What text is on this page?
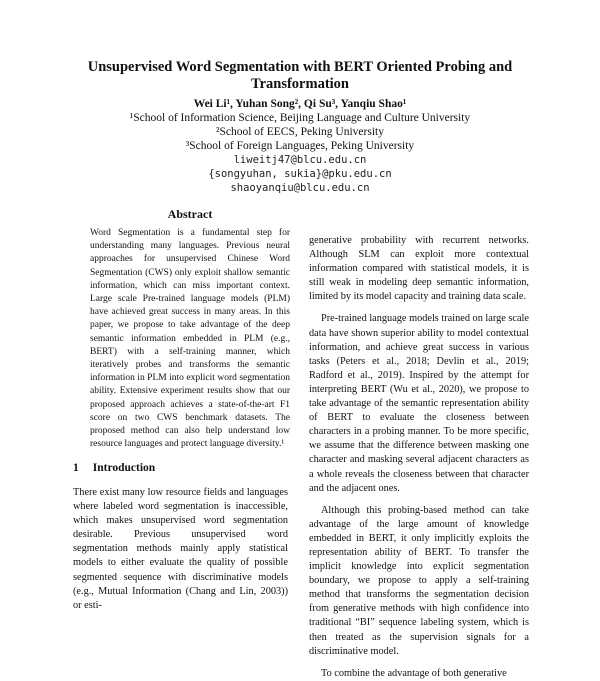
Unsupervised Word Segmentation with BERT Oriented Probing and Transformation
Wei Li¹, Yuhan Song², Qi Su³, Yanqiu Shao¹
¹School of Information Science, Beijing Language and Culture University
²School of EECS, Peking University
³School of Foreign Languages, Peking University
liweitj47@blcu.edu.cn
{songyuhan, sukia}@pku.edu.cn
shaoyanqiu@blcu.edu.cn
Abstract

Word Segmentation is a fundamental step for understanding many languages. Previous neural approaches for unsupervised Chinese Word Segmentation (CWS) only exploit shallow semantic information, which can miss important context. Large scale Pre-trained language models (PLM) have achieved great success in many areas. In this paper, we propose to take advantage of the deep semantic information embedded in PLM (e.g., BERT) with a self-training manner, which iteratively probes and transforms the semantic information in PLM into explicit word segmentation ability. Extensive experiment results show that our proposed approach achieves a state-of-the-art F1 score on two CWS benchmark datasets. The proposed method can also help understand low resource languages and protect language diversity.¹

1 Introduction

There exist many low resource fields and languages where labeled word segmentation is inaccessible, which makes unsupervised word segmentation desirable. Previous unsupervised word segmentation methods mainly apply statistical models to either evaluate the quality of possible segmented sequence with discriminative models (e.g., Mutual Information (Chang and Lin, 2003)) or esti-

generative probability with recurrent networks. Although SLM can exploit more contextual information compared with statistical models, it is still weak in modeling deep semantic information, limited by its model capacity and training data scale.

Pre-trained language models trained on large scale data have shown superior ability to model contextual information, and achieve great success in various tasks (Peters et al., 2018; Devlin et al., 2019; Radford et al., 2019). Inspired by the attempt for interpreting BERT (Wu et al., 2020), we propose to take advantage of the semantic representation ability of BERT to evaluate the closeness between characters in a probing manner. To be more specific, we assume that the difference between masking one character and masking several adjacent characters as a whole reveals the closeness between that character and the adjacent ones.

Although this probing-based method can take advantage of the large amount of knowledge embedded in BERT, it only implicitly exploits the representation ability of BERT. To transfer the implicit knowledge into explicit segmentation boundary, we propose to apply a self-training method that transforms the segmentation decision from generative methods with high confidence into traditional “BI” sequence labeling system, which is then treated as the supervision signals for a discriminative model.

To combine the advantage of both generative
